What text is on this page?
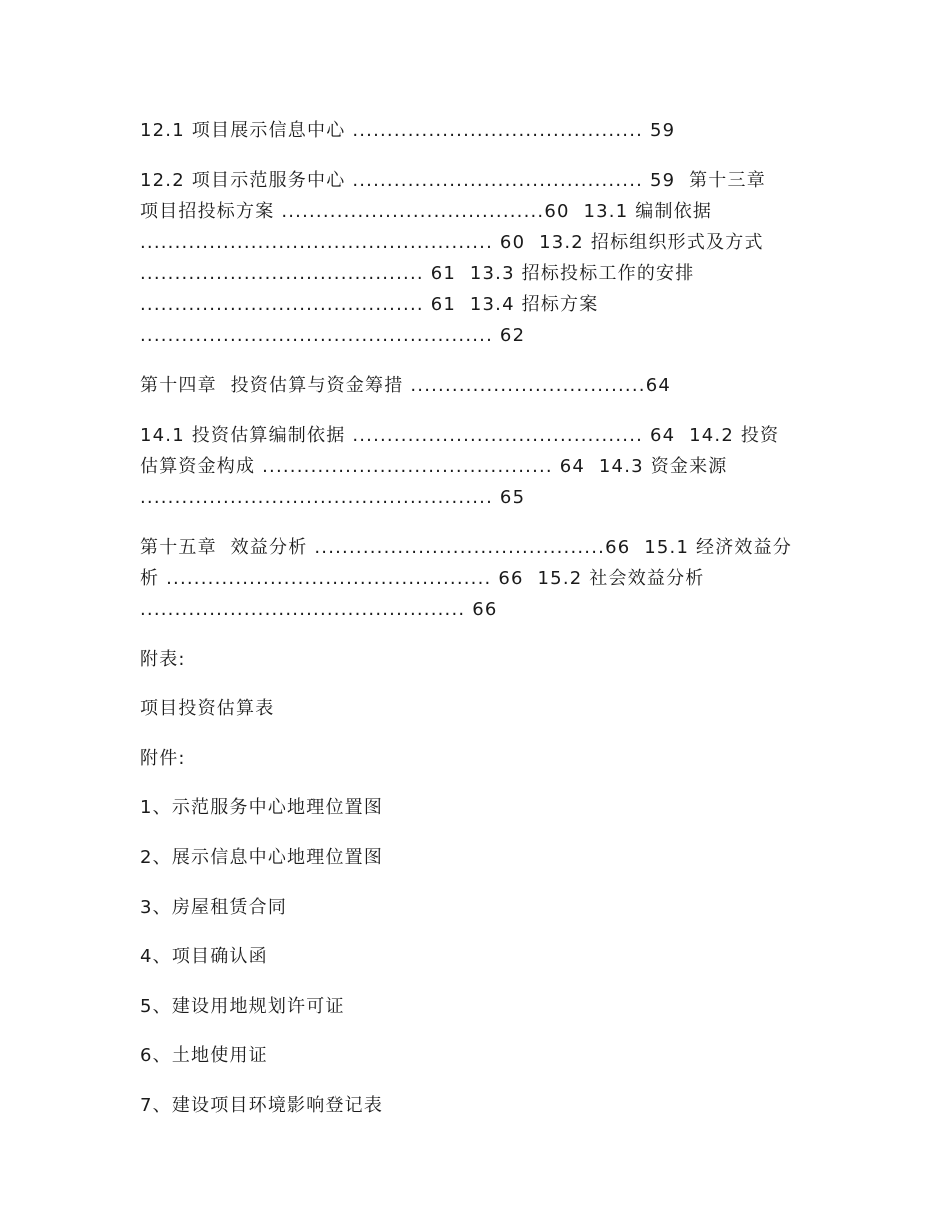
12.1 项目展示信息中心 .......................................... 59
12.2 项目示范服务中心 .......................................... 59  第十三章
项目招投标方案 ......................................60  13.1 编制依据
................................................... 60  13.2 招标组织形式及方式
......................................... 61  13.3 招标投标工作的安排
......................................... 61  13.4 招标方案
................................................... 62
第十四章  投资估算与资金筹措 ..................................64
14.1 投资估算编制依据 .......................................... 64  14.2 投资
估算资金构成 .......................................... 64  14.3 资金来源
................................................... 65
第十五章  效益分析 ..........................................66  15.1 经济效益分
析 ............................................... 66  15.2 社会效益分析
............................................... 66
附表:
项目投资估算表
附件:
1、示范服务中心地理位置图
2、展示信息中心地理位置图
3、房屋租赁合同
4、项目确认函
5、建设用地规划许可证
6、土地使用证
7、建设项目环境影响登记表
